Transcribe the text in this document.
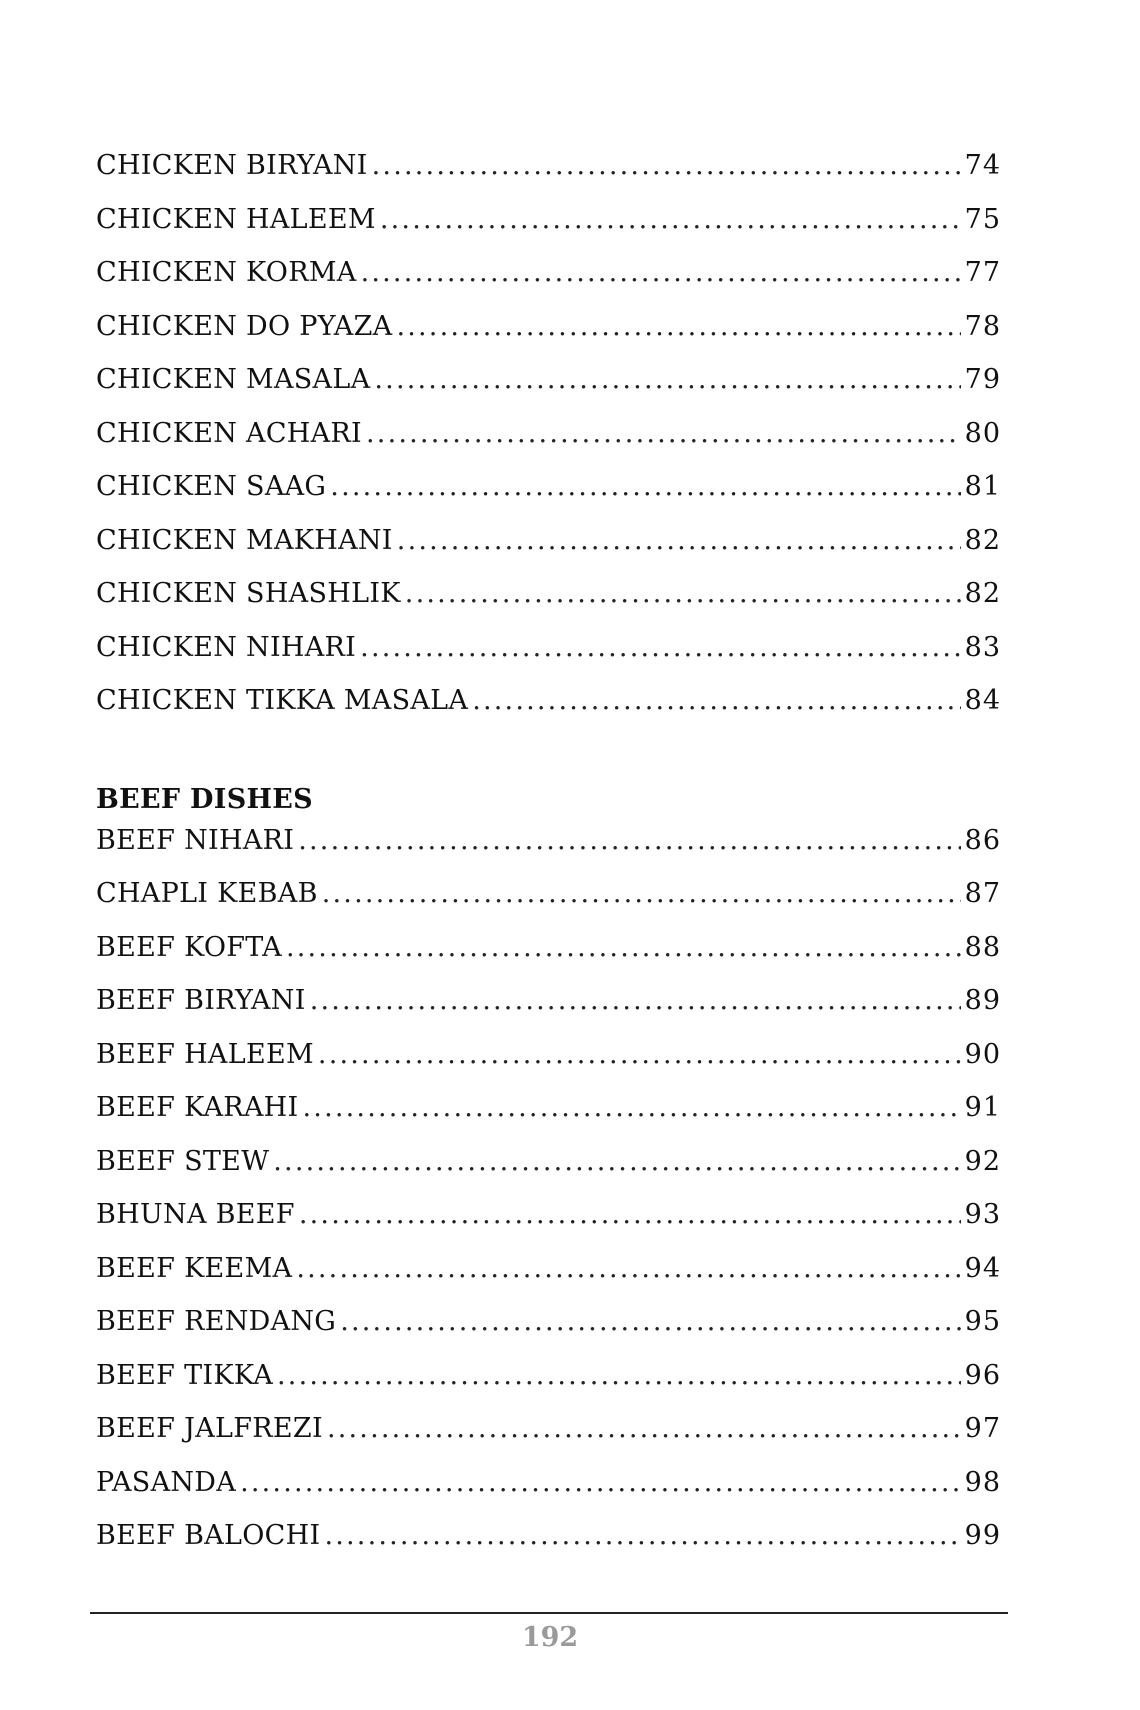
CHICKEN BIRYANI .....	74
CHICKEN HALEEM .....	75
CHICKEN KORMA .....	77
CHICKEN DO PYAZA .....	78
CHICKEN MASALA .....	79
CHICKEN ACHARI .....	80
CHICKEN SAAG .....	81
CHICKEN MAKHANI .....	82
CHICKEN SHASHLIK .....	82
CHICKEN NIHARI .....	83
CHICKEN TIKKA MASALA .....	84
BEEF DISHES
BEEF NIHARI .....	86
CHAPLI KEBAB .....	87
BEEF KOFTA .....	88
BEEF BIRYANI .....	89
BEEF HALEEM .....	90
BEEF KARAHI .....	91
BEEF STEW .....	92
BHUNA BEEF .....	93
BEEF KEEMA .....	94
BEEF RENDANG .....	95
BEEF TIKKA .....	96
BEEF JALFREZI .....	97
PASANDA .....	98
BEEF BALOCHI .....	99
192
